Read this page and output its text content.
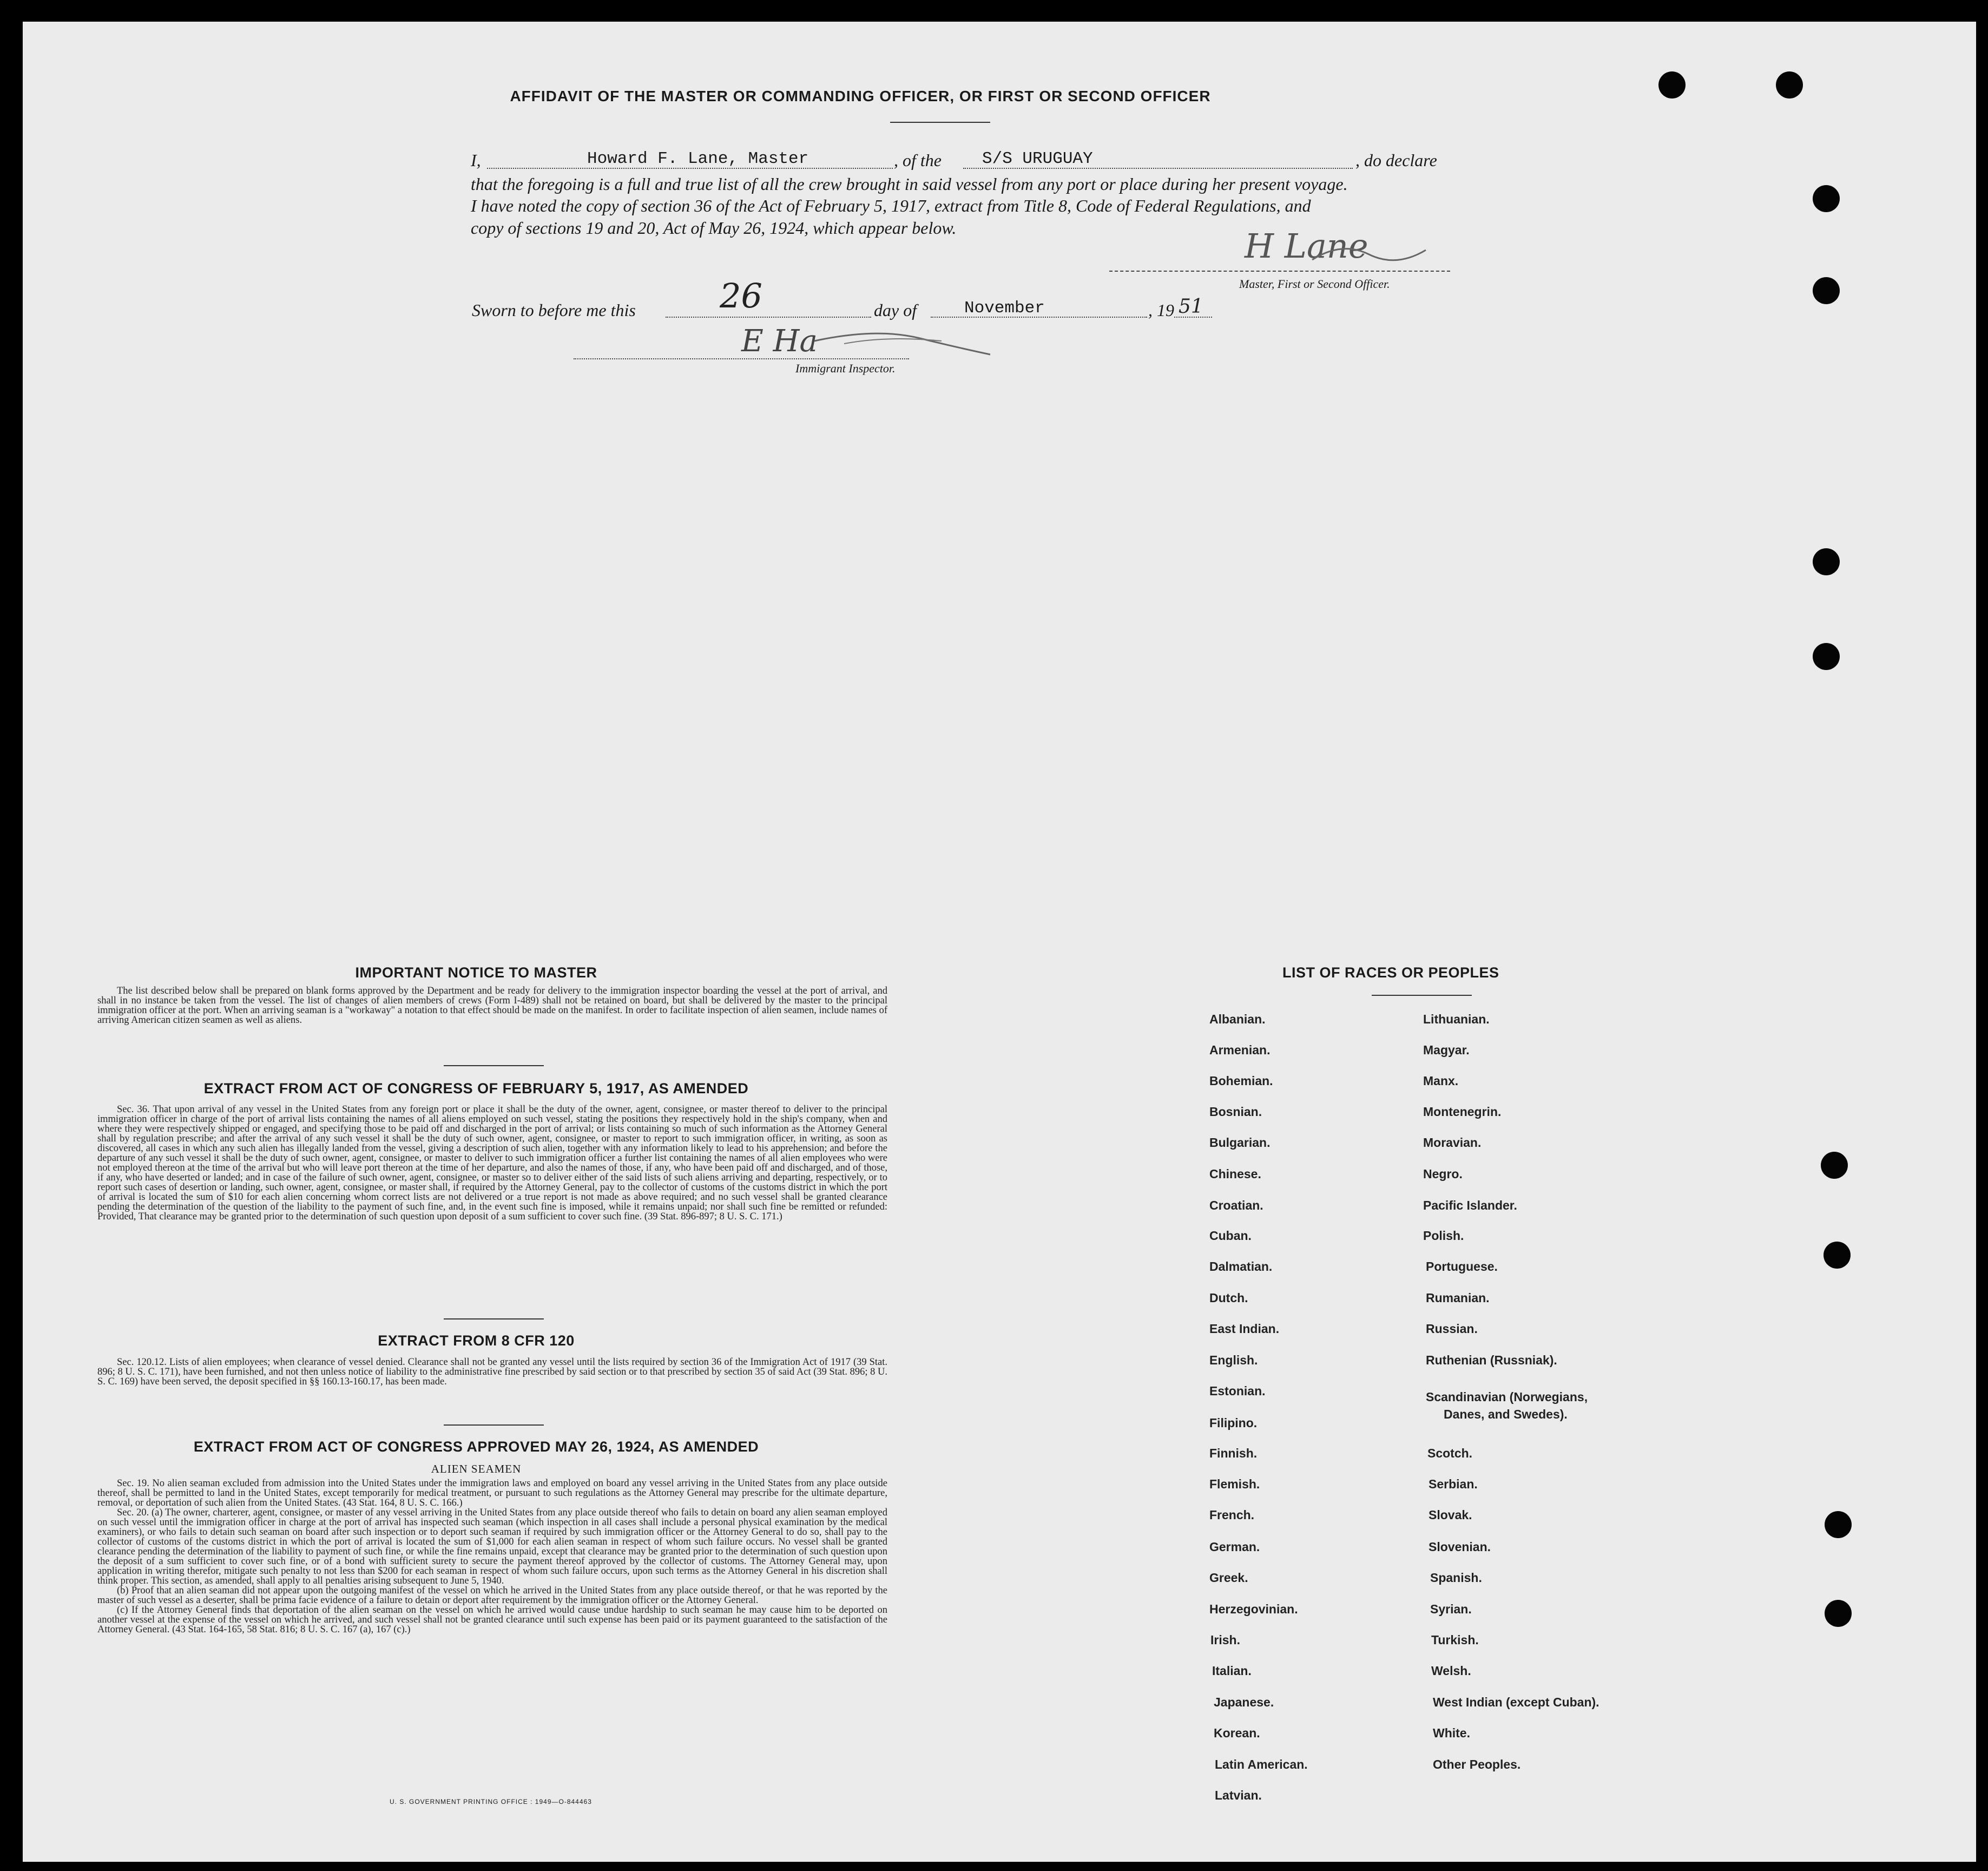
AFFIDAVIT OF THE MASTER OR COMMANDING OFFICER, OR FIRST OR SECOND OFFICER
I,	Howard F. Lane, Master	, of the S/S URUGUAY	, do declare
that the foregoing is a full and true list of all the crew brought in said vessel from any port or place during her present voyage.
I have noted the copy of section 36 of the Act of February 5, 1917, extract from Title 8, Code of Federal Regulations, and
copy of sections 19 and 20, Act of May 26, 1924, which appear below.	H Lane
Master, First or Second Officer.
Sworn to before me this	26	day of	November	, 19 51
E Ha
Immigrant Inspector.
IMPORTANT NOTICE TO MASTER

The list described below shall be prepared on blank forms approved by the Department and be ready for delivery to the immigration inspector boarding the vessel at the port of arrival, and shall in no instance be taken from the vessel. The list of changes of alien members of crews (Form I-489) shall not be retained on board, but shall be delivered by the master to the principal immigration officer at the port. When an arriving seaman is a "workaway" a notation to that effect should be made on the manifest. In order to facilitate inspection of alien seamen, include names of arriving American citizen seamen as well as aliens.

EXTRACT FROM ACT OF CONGRESS OF FEBRUARY 5, 1917, AS AMENDED

Sec. 36. That upon arrival of any vessel in the United States from any foreign port or place it shall be the duty of the owner, agent, consignee, or master thereof to deliver to the principal immigration officer in charge of the port of arrival lists containing the names of all aliens employed on such vessel, stating the positions they respectively hold in the ship's company, when and where they were respectively shipped or engaged, and specifying those to be paid off and discharged in the port of arrival; or lists containing so much of such information as the Attorney General shall by regulation prescribe; and after the arrival of any such vessel it shall be the duty of such owner, agent, consignee, or master to report to such immigration officer, in writing, as soon as discovered, all cases in which any such alien has illegally landed from the vessel, giving a description of such alien, together with any information likely to lead to his apprehension; and before the departure of any such vessel it shall be the duty of such owner, agent, consignee, or master to deliver to such immigration officer a further list containing the names of all alien employees who were not employed thereon at the time of the arrival but who will leave port thereon at the time of her departure, and also the names of those, if any, who have been paid off and discharged, and of those, if any, who have deserted or landed; and in case of the failure of such owner, agent, consignee, or master so to deliver either of the said lists of such aliens arriving and departing, respectively, or to report such cases of desertion or landing, such owner, agent, consignee, or master shall, if required by the Attorney General, pay to the collector of customs of the customs district in which the port of arrival is located the sum of $10 for each alien concerning whom correct lists are not delivered or a true report is not made as above required; and no such vessel shall be granted clearance pending the determination of the question of the liability to the payment of such fine, and, in the event such fine is imposed, while it remains unpaid; nor shall such fine be remitted or refunded: Provided, That clearance may be granted prior to the determination of such question upon deposit of a sum sufficient to cover such fine. (39 Stat. 896-897; 8 U. S. C. 171.)

EXTRACT FROM 8 CFR 120

Sec. 120.12. Lists of alien employees; when clearance of vessel denied. Clearance shall not be granted any vessel until the lists required by section 36 of the Immigration Act of 1917 (39 Stat. 896; 8 U. S. C. 171), have been furnished, and not then unless notice of liability to the administrative fine prescribed by said section or to that prescribed by section 35 of said Act (39 Stat. 896; 8 U. S. C. 169) have been served, the deposit specified in §§ 160.13-160.17, has been made.

EXTRACT FROM ACT OF CONGRESS APPROVED MAY 26, 1924, AS AMENDED
ALIEN SEAMEN

Sec. 19. No alien seaman excluded from admission into the United States under the immigration laws and employed on board any vessel arriving in the United States from any place outside thereof, shall be permitted to land in the United States, except temporarily for medical treatment, or pursuant to such regulations as the Attorney General may prescribe for the ultimate departure, removal, or deportation of such alien from the United States. (43 Stat. 164, 8 U. S. C. 166.)

Sec. 20. (a) The owner, charterer, agent, consignee, or master of any vessel arriving in the United States from any place outside thereof who fails to detain on board any alien seaman employed on such vessel until the immigration officer in charge at the port of arrival has inspected such seaman (which inspection in all cases shall include a personal physical examination by the medical examiners), or who fails to detain such seaman on board after such inspection or to deport such seaman if required by such immigration officer or the Attorney General to do so, shall pay to the collector of customs of the customs district in which the port of arrival is located the sum of $1,000 for each alien seaman in respect of whom such failure occurs. No vessel shall be granted clearance pending the determination of the liability to payment of such fine, or while the fine remains unpaid, except that clearance may be granted prior to the determination of such question upon the deposit of a sum sufficient to cover such fine, or of a bond with sufficient surety to secure the payment thereof approved by the collector of customs. The Attorney General may, upon application in writing therefor, mitigate such penalty to not less than $200 for each seaman in respect of whom such failure occurs, upon such terms as the Attorney General in his discretion shall think proper. This section, as amended, shall apply to all penalties arising subsequent to June 5, 1940.

(b) Proof that an alien seaman did not appear upon the outgoing manifest of the vessel on which he arrived in the United States from any place outside thereof, or that he was reported by the master of such vessel as a deserter, shall be prima facie evidence of a failure to detain or deport after requirement by the immigration officer or the Attorney General.

(c) If the Attorney General finds that deportation of the alien seaman on the vessel on which he arrived would cause undue hardship to such seaman he may cause him to be deported on another vessel at the expense of the vessel on which he arrived, and such vessel shall not be granted clearance until such expense has been paid or its payment guaranteed to the satisfaction of the Attorney General. (43 Stat. 164-165, 58 Stat. 816; 8 U. S. C. 167 (a), 167 (c).)

U. S. GOVERNMENT PRINTING OFFICE : 1949—O-844463
LIST OF RACES OR PEOPLES
Albanian.
Armenian.
Bohemian.
Bosnian.
Bulgarian.
Chinese.
Croatian.
Cuban.
Dalmatian.
Dutch.
East Indian.
English.
Estonian.
Filipino.
Finnish.
Flemish.
French.
German.
Greek.
Herzegovinian.
Irish.
Italian.
Japanese.
Korean.
Latin American.
Latvian.
Lithuanian.
Magyar.
Manx.
Montenegrin.
Moravian.
Negro.
Pacific Islander.
Polish.
Portuguese.
Rumanian.
Russian.
Ruthenian (Russniak).
Scandinavian (Norwegians,
Danes, and Swedes).
Scotch.
Serbian.
Slovak.
Slovenian.
Spanish.
Syrian.
Turkish.
Welsh.
West Indian (except Cuban).
White.
Other Peoples.
